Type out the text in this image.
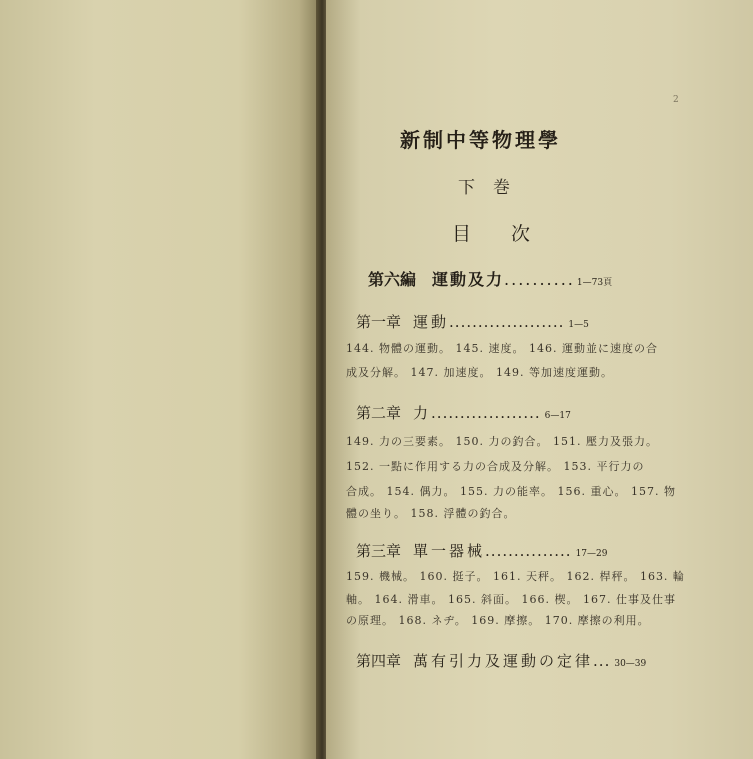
2
新制中等物理學
下巻
目次
第六編 運動及力.......... 1—73頁
第一章 運動.................... 1—5
144. 物體の運動。 145. 速度。 146. 運動並に速度の合
成及分解。 147. 加速度。 149. 等加速度運動。
第二章 力................... 6—17
149. 力の三要素。 150. 力の釣合。 151. 壓力及張力。
152. 一點に作用する力の合成及分解。 153. 平行力の
合成。 154. 偶力。 155. 力の能率。 156. 重心。 157. 物
體の坐り。 158. 浮體の釣合。
第三章 單一器械............... 17—29
159. 機械。 160. 挺子。 161. 天秤。 162. 桿秤。 163. 輪
軸。 164. 滑車。 165. 斜面。 166. 楔。 167. 仕事及仕事
の原理。 168. ネヂ。 169. 摩擦。 170. 摩擦の利用。
第四章 萬有引力及運動の定律... 30—39
